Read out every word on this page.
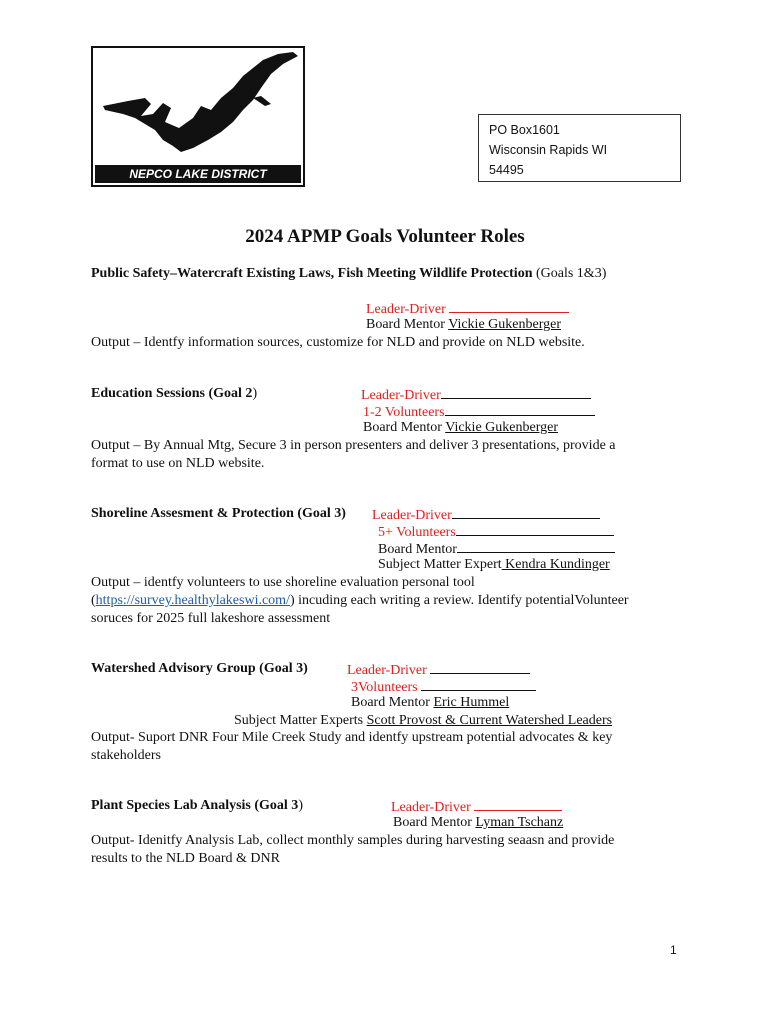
NEPCO LAKE DISTRICT
PO Box1601
Wisconsin Rapids WI
54495
2024 APMP Goals Volunteer Roles
Public Safety–Watercraft Existing Laws, Fish Meeting Wildlife Protection (Goals 1&3)
Leader-Driver
Board Mentor Vickie Gukenberger
Output – Identfy information sources, customize for NLD and provide on NLD website.
Education Sessions (Goal 2)	Leader-Driver
1-2 Volunteers
Board Mentor Vickie Gukenberger
Output – By Annual Mtg, Secure 3 in person presenters and deliver 3 presentations, provide a
format to use on NLD website.
Shoreline Assesment & Protection (Goal 3) Leader-Driver
5+ Volunteers
Board Mentor
Subject Matter Expert Kendra Kundinger
Output – identfy volunteers to use shoreline evaluation personal tool
(https://survey.healthylakeswi.com/) incuding each writing a review. Identify potentialVolunteer
soruces for 2025 full lakeshore assessment
Watershed Advisory Group (Goal 3)	Leader-Driver
3Volunteers
Board Mentor Eric Hummel
Subject Matter Experts Scott Provost & Current Watershed Leaders
Output- Suport DNR Four Mile Creek Study and identfy upstream potential advocates & key
stakeholders
Plant Species Lab Analysis (Goal 3)	Leader-Driver
Board Mentor Lyman Tschanz
Output- Idenitfy Analysis Lab, collect monthly samples during harvesting seaasn and provide
results to the NLD Board & DNR
1
